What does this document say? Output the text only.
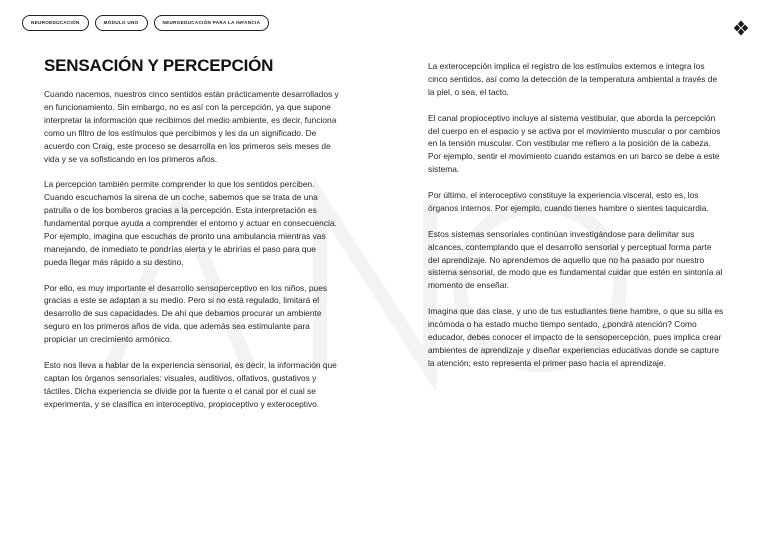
NEUROEDUCACIÓN	MÓDULO UNO	NEUROEDUCACIÓN PARA LA INFANCIA
SENSACIÓN Y PERCEPCIÓN

Cuando nacemos, nuestros cinco sentidos están prácticamente desarrollados y en funcionamiento. Sin embargo, no es así con la percepción, ya que supone interpretar la información que recibimos del medio ambiente, es decir, funciona como un filtro de los estímulos que percibimos y les da un significado. De acuerdo con Craig, este proceso se desarrolla en los primeros seis meses de vida y se va sofisticando en los primeros años.

La percepción también permite comprender lo que los sentidos perciben. Cuando escuchamos la sirena de un coche, sabemos que se trata de una patrulla o de los bomberos gracias a la percepción. Esta interpretación es fundamental porque ayuda a comprender el entorno y actuar en consecuencia. Por ejemplo, imagina que escuchas de pronto una ambulancia mientras vas manejando, de inmediato te pondrías alerta y le abrirías el paso para que pueda llegar más rápido a su destino.

Por ello, es muy importante el desarrollo sensoperceptivo en los niños, pues gracias a este se adaptan a su medio. Pero si no está regulado, limitará el desarrollo de sus capacidades. De ahí que debamos procurar un ambiente seguro en los primeros años de vida, que además sea estimulante para propiciar un crecimiento armónico.

Esto nos lleva a hablar de la experiencia sensorial, es decir, la información que captan los órganos sensoriales: visuales, auditivos, olfativos, gustativos y táctiles. Dicha experiencia se divide por la fuente o el canal por el cual se experimenta, y se clasifica en interoceptivo, propioceptivo y exteroceptivo.

La exterocepción implica el registro de los estímulos externos e integra los cinco sentidos, así como la detección de la temperatura ambiental a través de la piel, o sea, el tacto.

El canal propioceptivo incluye al sistema vestibular, que aborda la percepción del cuerpo en el espacio y se activa por el movimiento muscular o por cambios en la tensión muscular. Con vestibular me refiero a la posición de la cabeza. Por ejemplo, sentir el movimiento cuando estamos en un barco se debe a este sistema.

Por último, el interoceptivo constituye la experiencia visceral, esto es, los órganos internos. Por ejemplo, cuando tienes hambre o sientes taquicardia.

Estos sistemas sensoriales continúan investigándose para delimitar sus alcances, contemplando que el desarrollo sensorial y perceptual forma parte del aprendizaje. No aprendemos de aquello que no ha pasado por nuestro sistema sensorial, de modo que es fundamental cuidar que estén en sintonía al momento de enseñar.

Imagina que das clase, y uno de tus estudiantes tiene hambre, o que su silla es incómoda o ha estado mucho tiempo sentado, ¿pondrá atención? Como educador, debes conocer el impacto de la sensopercepción, pues implica crear ambientes de aprendizaje y diseñar experiencias educativas donde se capture la atención; esto representa el primer paso hacia el aprendizaje.
